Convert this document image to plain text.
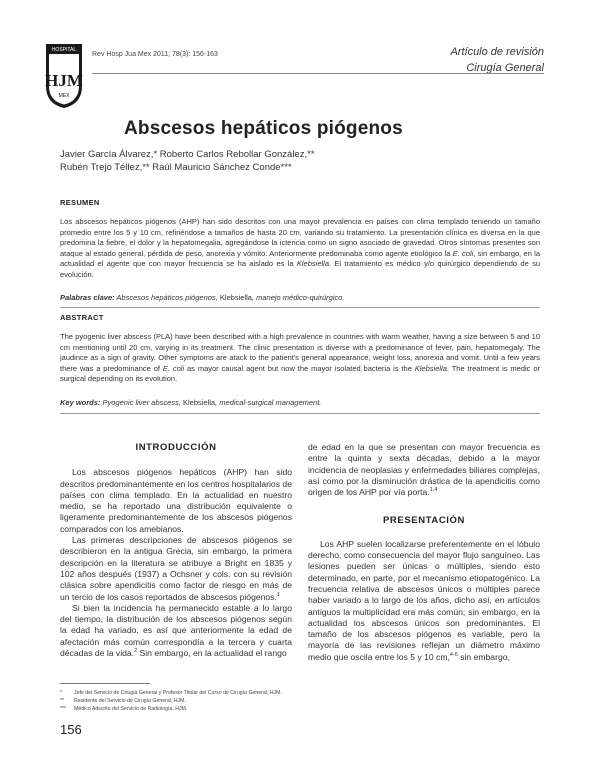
HOSPITAL
HJM
MEX
Rev Hosp Jua Mex 2011; 78(3): 156-163	Artículo de revisión
Cirugía General
Abscesos hepáticos piógenos
Javier García Álvarez,* Roberto Carlos Rebollar González,**
Rubén Trejo Téllez,** Raúl Mauricio Sánchez Conde***
RESUMEN

Los abscesos hepáticos piógenos (AHP) han sido descritos con una mayor prevalencia en países con clima templado teniendo un tamaño promedio entre los 5 y 10 cm, refiriéndose a tamaños de hasta 20 cm, variando su tratamiento. La presentación clínica es diversa en la que predomina la fiebre, el dolor y la hepatomegalia, agregándose la ictericia como un signo asociado de gravedad. Otros síntomas presentes son ataque al estado general, pérdida de peso, anorexia y vómito. Anteriormente predominaba como agente etiológico la E. coli, sin embargo, en la actualidad el agente que con mayor frecuencia se ha aislado es la Klebsiella. El tratamiento es médico y/o quirúrgico dependiendo de su evolución.

Palabras clave: Abscesos hepáticos piógenos, Klebsiella, manejo médico-quirúrgico.
ABSTRACT

The pyogenic liver abscess (PLA) have been described with a high prevalence in countries with warm weather, having a size between 5 and 10 cm mentioning until 20 cm, varying in its treatment. The clinic presentation is diverse with a predominance of fever, pain, hepatomegaly. The jaudince as a sign of gravity. Other symptoms are atack to the patient's general appearance, weight loss, anorexia and vomit. Until a few years there was a predominance of E. coli as mayor causal agent but now the mayor isolated bacteria is the Klebsiella. The treatment is medic or surgical depending on its evolution.

Key words: Pyogenic liver abscess, Klebsiella, medical-surgical management.
INTRODUCCIÓN

Los abscesos piógenos hepáticos (AHP) han sido descritos predominantemente en los centros hospitalarios de países con clima templado. En la actualidad en nuestro medio, se ha reportado una distribución equivalente o ligeramente predominantemente de los abscesos piógenos comparados con los amebianos.

Las primeras descripciones de abscesos piógenos se describieron en la antigua Grecia, sin embargo, la primera descripción en la literatura se atribuye a Bright en 1835 y 102 años después (1937) a Ochsner y cols. con su revisión clásica sobre apendicitis como factor de riesgo en más de un tercio de los casos reportados de abscesos piógenos.$^1$

Si bien la incidencia ha permanecido estable a lo largo del tiempo, la distribución de los abscesos piógenos según la edad ha variado, es así que anteriormente la edad de afectación más común correspondía a la tercera y cuarta décadas de la vida.$^2$ Sin embargo, en la actualidad el rango

de edad en la que se presentan con mayor frecuencia es entre la quinta y sexta décadas, debido a la mayor incidencia de neoplasias y enfermedades biliares complejas, así como por la disminución drástica de la apendicitis como origen de los AHP por vía porta.$^{1,4}$

PRESENTACIÓN

Los AHP suelen localizarse preferentemente en el lóbulo derecho, como consecuencia del mayor flujo sanguíneo. Las lesiones pueden ser únicas o múltiples, siendo esto determinado, en parte, por el mecanismo etiopatogénico. La frecuencia relativa de abscesos únicos o múltiples parece haber variado a lo largo de los años, dicho así, en artículos antiguos la multiplicidad era más común; sin embargo, en la actualidad los abscesos únicos son predominantes. El tamaño de los abscesos piógenos es variable, pero la mayoría de las revisiones reflejan un diámetro máximo medio que oscila entre los 5 y 10 cm,$^{4-6}$ sin embargo,

* Jefe del Servicio de Cirugía General y Profesor Titular del Curso de Cirugía General, HJM.
** Residente del Servicio de Cirugía General, HJM.
*** Médico Adscrito del Servicio de Radiología, HJM.
156
